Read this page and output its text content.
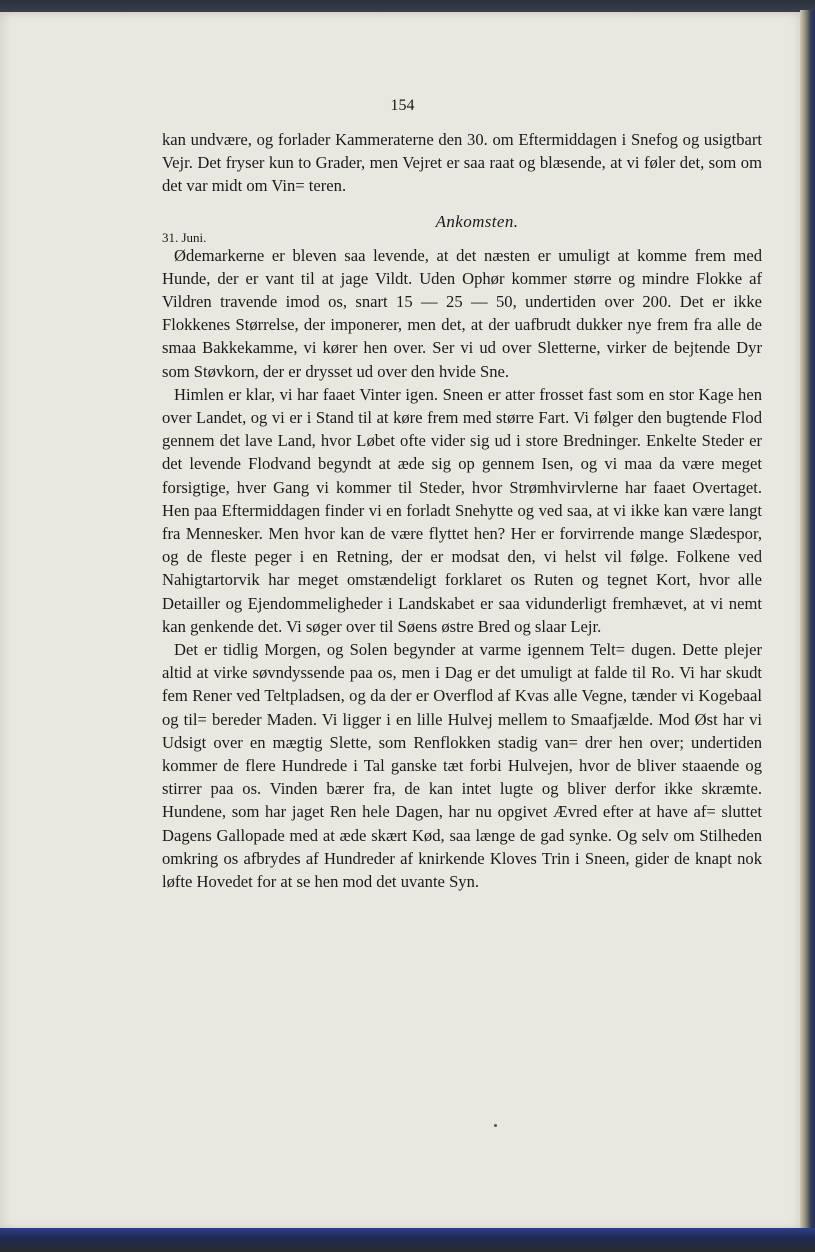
154

kan undvære, og forlader Kammeraterne den 30. om Eftermiddagen i Snefog og usigtbart Vejr. Det fryser kun to Grader, men Vejret er saa raat og blæsende, at vi føler det, som om det var midt om Vin= teren.

Ankomsten.
31. Juni.

Ødemarkerne er bleven saa levende, at det næsten er umuligt at komme frem med Hunde, der er vant til at jage Vildt. Uden Ophør kommer større og mindre Flokke af Vildren travende imod os, snart 15 — 25 — 50, undertiden over 200. Det er ikke Flokkenes Størrelse, der imponerer, men det, at der uafbrudt dukker nye frem fra alle de smaa Bakkekamme, vi kører hen over. Ser vi ud over Sletterne, virker de bejtende Dyr som Støvkorn, der er drysset ud over den hvide Sne.

Himlen er klar, vi har faaet Vinter igen. Sneen er atter frosset fast som en stor Kage hen over Landet, og vi er i Stand til at køre frem med større Fart. Vi følger den bugtende Flod gennem det lave Land, hvor Løbet ofte vider sig ud i store Bredninger. Enkelte Steder er det levende Flodvand begyndt at æde sig op gennem Isen, og vi maa da være meget forsigtige, hver Gang vi kommer til Steder, hvor Strømhvirvlerne har faaet Overtaget. Hen paa Eftermiddagen finder vi en forladt Snehytte og ved saa, at vi ikke kan være langt fra Mennesker. Men hvor kan de være flyttet hen? Her er forvirrende mange Slædespor, og de fleste peger i en Retning, der er modsat den, vi helst vil følge. Folkene ved Nahigtartorvik har meget omstændeligt forklaret os Ruten og tegnet Kort, hvor alle Detailler og Ejendommeligheder i Landskabet er saa vidunderligt fremhævet, at vi nemt kan genkende det. Vi søger over til Søens østre Bred og slaar Lejr.

Det er tidlig Morgen, og Solen begynder at varme igennem Telt= dugen. Dette plejer altid at virke søvndyssende paa os, men i Dag er det umuligt at falde til Ro. Vi har skudt fem Rener ved Teltpladsen, og da der er Overflod af Kvas alle Vegne, tænder vi Kogebaal og til= bereder Maden. Vi ligger i en lille Hulvej mellem to Smaafjælde. Mod Øst har vi Udsigt over en mægtig Slette, som Renflokken stadig van= drer hen over; undertiden kommer de flere Hundrede i Tal ganske tæt forbi Hulvejen, hvor de bliver staaende og stirrer paa os. Vinden bærer fra, de kan intet lugte og bliver derfor ikke skræmte. Hundene, som har jaget Ren hele Dagen, har nu opgivet Ævred efter at have af= sluttet Dagens Gallopade med at æde skært Kød, saa længe de gad synke. Og selv om Stilheden omkring os afbrydes af Hundreder af knirkende Kloves Trin i Sneen, gider de knapt nok løfte Hovedet for at se hen mod det uvante Syn.
